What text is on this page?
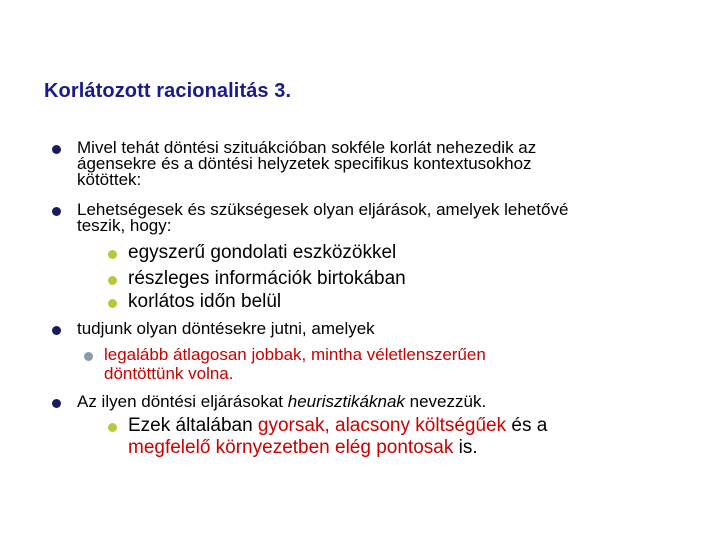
Korlátozott racionalitás 3.
Mivel tehát döntési szituákcióban sokféle korlát nehezedik az
ágensekre és a döntési helyzetek specifikus kontextusokhoz
kötöttek:
Lehetségesek és szükségesek olyan eljárások, amelyek lehetővé
teszik, hogy:
egyszerű gondolati eszközökkel
részleges információk birtokában
korlátos időn belül
tudjunk olyan döntésekre jutni, amelyek
legalább átlagosan jobbak, mintha véletlenszerűen
döntöttünk volna.
Az ilyen döntési eljárásokat heurisztikáknak nevezzük.
Ezek általában gyorsak, alacsony költségűek és a
megfelelő környezetben elég pontosak is.
